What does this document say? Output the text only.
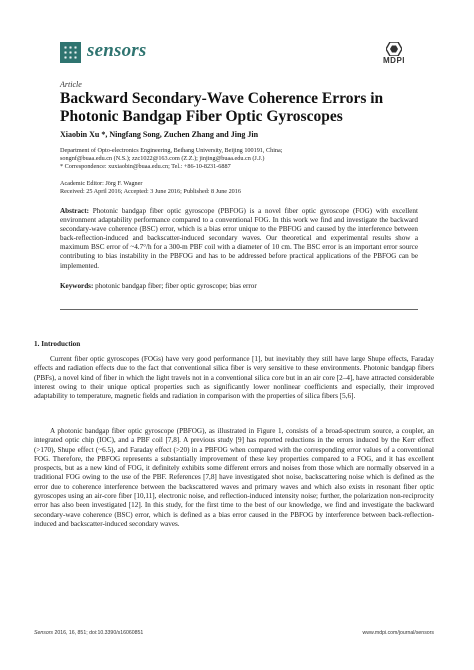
sensors	MDPI
Article
Backward Secondary-Wave Coherence Errors in Photonic Bandgap Fiber Optic Gyroscopes
Xiaobin Xu *, Ningfang Song, Zuchen Zhang and Jing Jin
Department of Opto-electronics Engineering, Beihang University, Beijing 100191, China;
songnf@buaa.edu.cn (N.S.); zzc1022@163.com (Z.Z.); jinjing@buaa.edu.cn (J.J.)
* Correspondence: xuxiaobin@buaa.edu.cn; Tel.: +86-10-8231-6887
Academic Editor: Jörg F. Wagner
Received: 25 April 2016; Accepted: 3 June 2016; Published: 8 June 2016
Abstract: Photonic bandgap fiber optic gyroscope (PBFOG) is a novel fiber optic gyroscope (FOG) with excellent environment adaptability performance compared to a conventional FOG. In this work we find and investigate the backward secondary-wave coherence (BSC) error, which is a bias error unique to the PBFOG and caused by the interference between back-reflection-induced and backscatter-induced secondary waves. Our theoretical and experimental results show a maximum BSC error of ~4.7°/h for a 300-m PBF coil with a diameter of 10 cm. The BSC error is an important error source contributing to bias instability in the PBFOG and has to be addressed before practical applications of the PBFOG can be implemented.
Keywords: photonic bandgap fiber; fiber optic gyroscope; bias error
1. Introduction

Current fiber optic gyroscopes (FOGs) have very good performance [1], but inevitably they still have large Shupe effects, Faraday effects and radiation effects due to the fact that conventional silica fiber is very sensitive to these environments. Photonic bandgap fibers (PBFs), a novel kind of fiber in which the light travels not in a conventional silica core but in an air core [2–4], have attracted considerable interest owing to their unique optical properties such as significantly lower nonlinear coefficients and especially, their improved adaptability to temperature, magnetic fields and radiation in comparison with the properties of silica fibers [5,6].

A photonic bandgap fiber optic gyroscope (PBFOG), as illustrated in Figure 1, consists of a broad-spectrum source, a coupler, an integrated optic chip (IOC), and a PBF coil [7,8]. A previous study [9] has reported reductions in the errors induced by the Kerr effect (>170), Shupe effect (~6.5), and Faraday effect (>20) in a PBFOG when compared with the corresponding error values of a conventional FOG. Therefore, the PBFOG represents a substantially improvement of these key properties compared to a FOG, and it has excellent prospects, but as a new kind of FOG, it definitely exhibits some different errors and noises from those which are normally observed in a traditional FOG owing to the use of the PBF. References [7,8] have investigated shot noise, backscattering noise which is defined as the error due to coherence interference between the backscattered waves and primary waves and which also exists in resonant fiber optic gyroscopes using an air-core fiber [10,11], electronic noise, and reflection-induced intensity noise; further, the polarization non-reciprocity error has also been investigated [12]. In this study, for the first time to the best of our knowledge, we find and investigate the backward secondary-wave coherence (BSC) error, which is defined as a bias error caused in the PBFOG by interference between back-reflection-induced and backscatter-induced secondary waves.

Sensors 2016, 16, 851; doi:10.3390/s16060851	www.mdpi.com/journal/sensors
